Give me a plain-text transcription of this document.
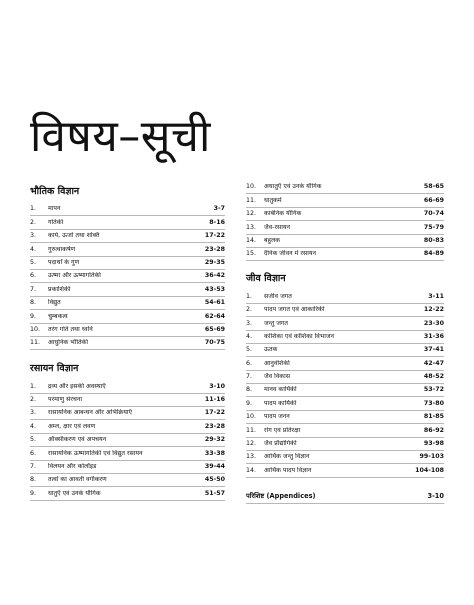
विषय–सूची
भौतिक विज्ञान
1.	मापन	3-7
2.	गतिकी	8-16
3.	कार्य, ऊर्जा तथा शक्ति	17-22
4.	गुरुत्वाकर्षण	23-28
5.	पदार्थों के गुण	29-35
6.	ऊष्मा और ऊष्मागतिकी	36-42
7.	प्रकाशिकी	43-53
8.	विद्युत	54-61
9.	चुम्बकत्व	62-64
10.	तरंग गति तथा ध्वनि	65-69
11.	आधुनिक भौतिकी	70-75
रसायन विज्ञान
1.	द्रव्य और इसकी अवस्थाएँ	3-10
2.	परमाणु संरचना	11-16
3.	रासायनिक आबन्धन और अभिक्रियाएँ	17-22
4.	अम्ल, क्षार एवं लवण	23-28
5.	ऑक्सीकरण एवं अपचयन	29-32
6.	रासायनिक ऊष्मागतिकी एवं विद्युत रसायन	33-38
7.	विलयन और कोलॉइड	39-44
8.	तत्वों का आवर्ती वर्गीकरण	45-50
9.	धातुएँ एवं उनके यौगिक	51-57
10.	अधातुएँ एवं उनके यौगिक	58-65
11.	धातुकर्म	66-69
12.	कार्बनिक यौगिक	70-74
13.	जैव-रसायन	75-79
14.	बहुलक	80-83
15.	दैनिक जीवन में रसायन	84-89
जीव विज्ञान
1.	सजीव जगत	3-11
2.	पादप जगत एवं आकारिकी	12-22
3.	जन्तु जगत	23-30
4.	कोशिका एवं कोशिका विभाजन	31-36
5.	ऊतक	37-41
6.	आनुवंशिकी	42-47
7.	जैव विकास	48-52
8.	मानव कार्यिकी	53-72
9.	पादप कार्यिकी	73-80
10.	पादप जनन	81-85
11.	रोग एवं प्रतिरक्षा	86-92
12.	जैव प्रौद्योगिकी	93-98
13.	आर्थिक जन्तु विज्ञान	99-103
14.	आर्थिक पादप विज्ञान	104-108
परिशिष्ट (Appendices)	3-10
